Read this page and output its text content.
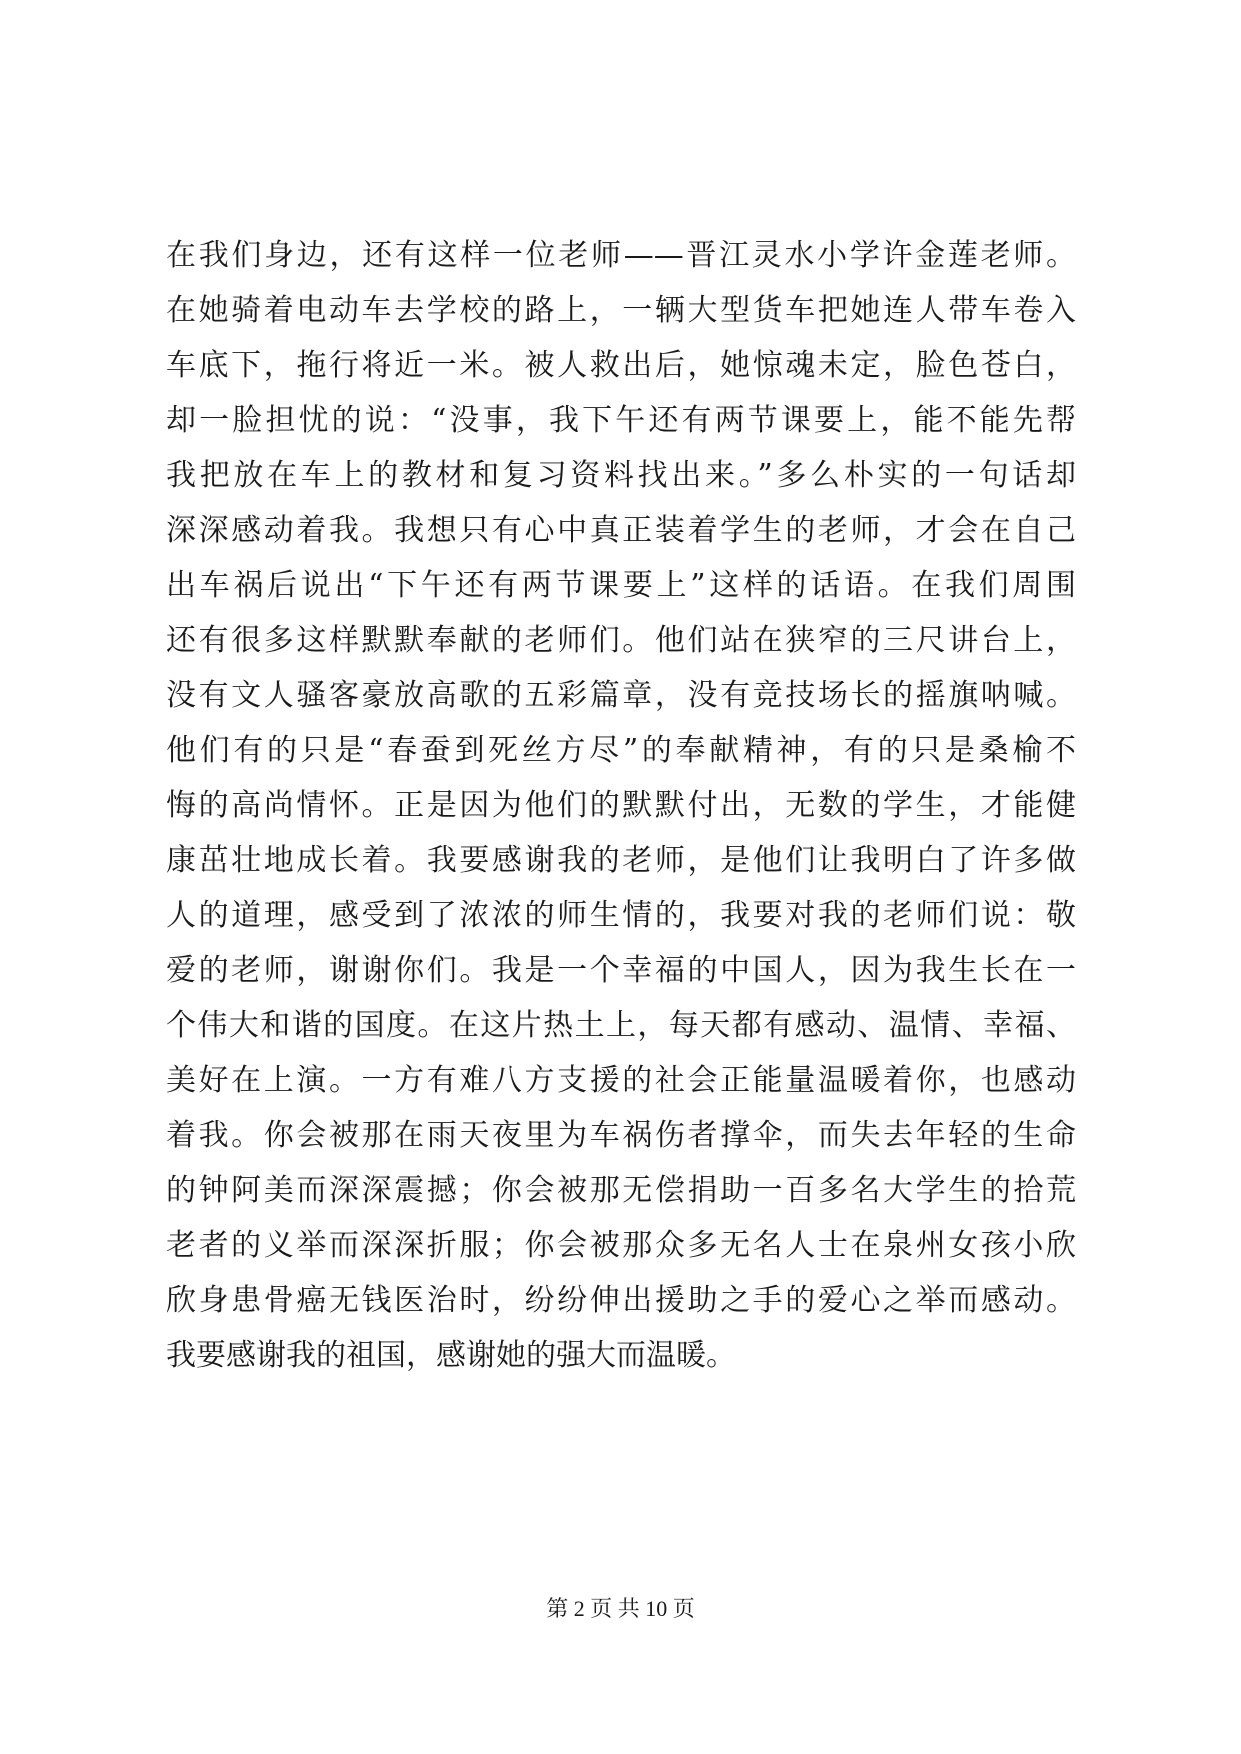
在我们身边，还有这样一位老师——晋江灵水小学许金莲老师。
在她骑着电动车去学校的路上，一辆大型货车把她连人带车卷入
车底下，拖行将近一米。被人救出后，她惊魂未定，脸色苍白，
却一脸担忧的说：“没事，我下午还有两节课要上，能不能先帮
我把放在车上的教材和复习资料找出来。”多么朴实的一句话却
深深感动着我。我想只有心中真正装着学生的老师，才会在自己
出车祸后说出“下午还有两节课要上”这样的话语。在我们周围
还有很多这样默默奉献的老师们。他们站在狭窄的三尺讲台上，
没有文人骚客豪放高歌的五彩篇章，没有竞技场长的摇旗呐喊。
他们有的只是“春蚕到死丝方尽”的奉献精神，有的只是桑榆不
悔的高尚情怀。正是因为他们的默默付出，无数的学生，才能健
康茁壮地成长着。我要感谢我的老师，是他们让我明白了许多做
人的道理，感受到了浓浓的师生情的，我要对我的老师们说：敬
爱的老师，谢谢你们。我是一个幸福的中国人，因为我生长在一
个伟大和谐的国度。在这片热土上，每天都有感动、温情、幸福、
美好在上演。一方有难八方支援的社会正能量温暖着你，也感动
着我。你会被那在雨天夜里为车祸伤者撑伞，而失去年轻的生命
的钟阿美而深深震撼；你会被那无偿捐助一百多名大学生的拾荒
老者的义举而深深折服；你会被那众多无名人士在泉州女孩小欣
欣身患骨癌无钱医治时，纷纷伸出援助之手的爱心之举而感动。
我要感谢我的祖国，感谢她的强大而温暖。
第 2 页 共 10 页
